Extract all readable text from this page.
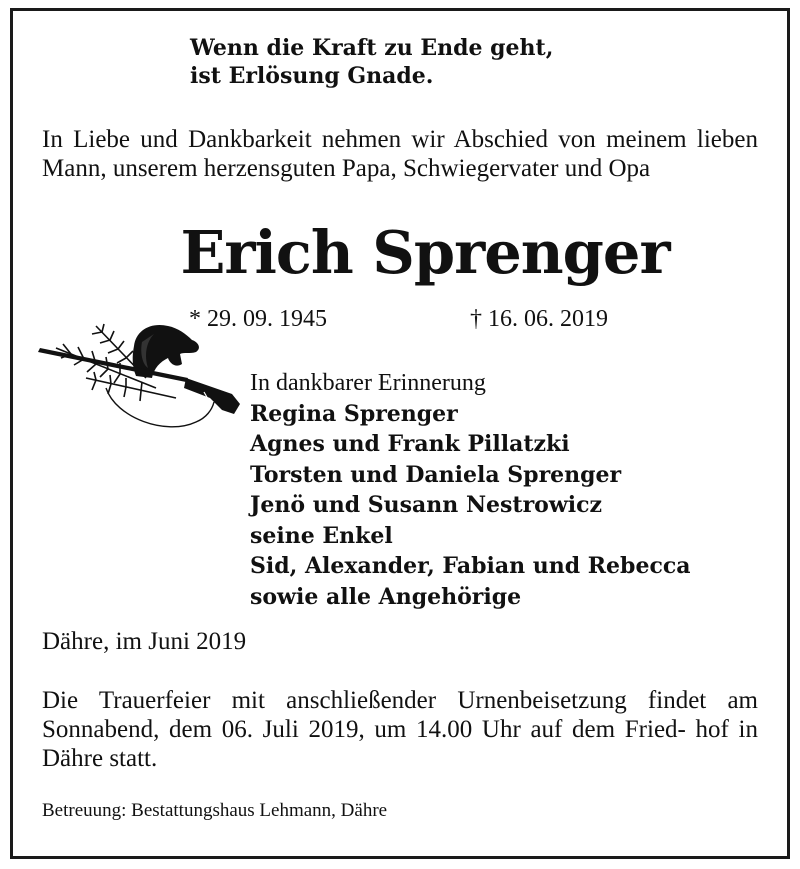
Wenn die Kraft zu Ende geht,
ist Erlösung Gnade.
In Liebe und Dankbarkeit nehmen wir Abschied von meinem lieben Mann, unserem herzensguten Papa, Schwiegervater und Opa
Erich Sprenger
* 29. 09. 1945	† 16. 06. 2019
In dankbarer Erinnerung
Regina Sprenger
Agnes und Frank Pillatzki
Torsten und Daniela Sprenger
Jenö und Susann Nestrowicz
seine Enkel
Sid, Alexander, Fabian und Rebecca
sowie alle Angehörige
Dähre, im Juni 2019
Die Trauerfeier mit anschließender Urnenbeisetzung findet am Sonnabend, dem 06. Juli 2019, um 14.00 Uhr auf dem Fried- hof in Dähre statt.
Betreuung: Bestattungshaus Lehmann, Dähre
